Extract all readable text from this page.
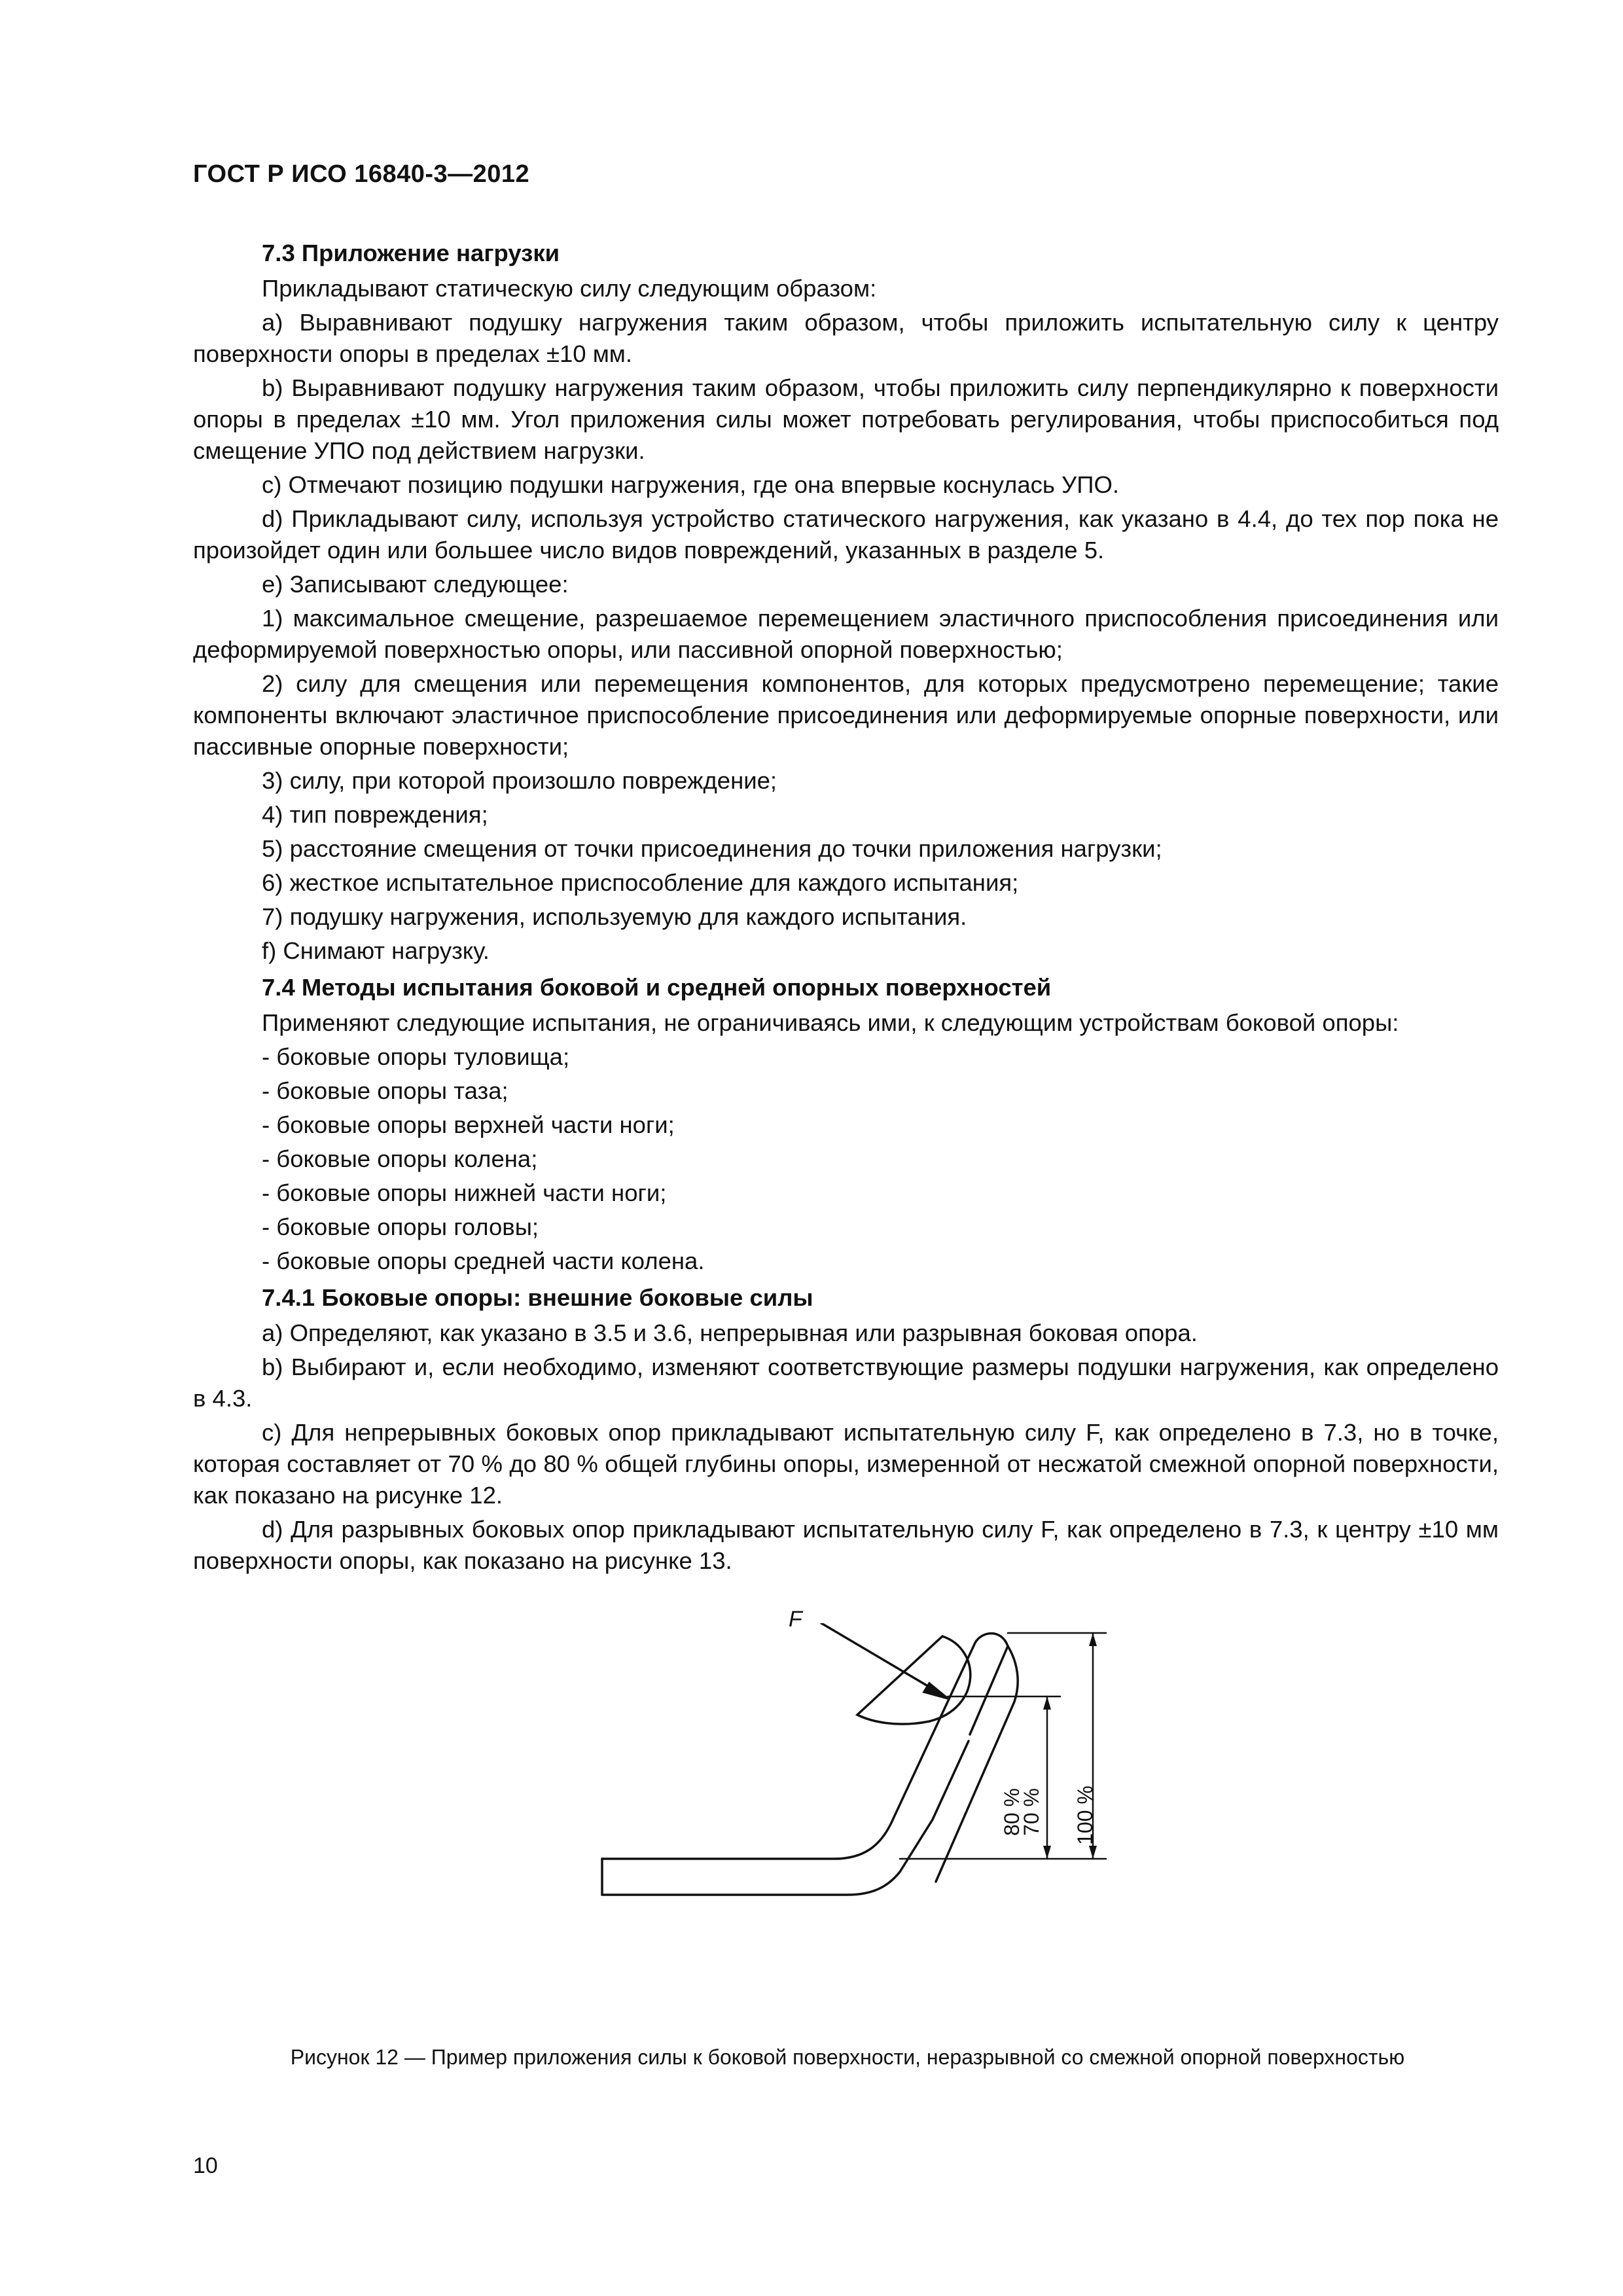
ГОСТ Р ИСО 16840-3—2012

7.3 Приложение нагрузки

Прикладывают статическую силу следующим образом:

a) Выравнивают подушку нагружения таким образом, чтобы приложить испытательную силу к центру поверхности опоры в пределах ±10 мм.

b) Выравнивают подушку нагружения таким образом, чтобы приложить силу перпендикулярно к поверхности опоры в пределах ±10 мм. Угол приложения силы может потребовать регулирования, чтобы приспособиться под смещение УПО под действием нагрузки.

c) Отмечают позицию подушки нагружения, где она впервые коснулась УПО.

d) Прикладывают силу, используя устройство статического нагружения, как указано в 4.4, до тех пор пока не произойдет один или большее число видов повреждений, указанных в разделе 5.

e) Записывают следующее:

1) максимальное смещение, разрешаемое перемещением эластичного приспособления присоединения или деформируемой поверхностью опоры, или пассивной опорной поверхностью;

2) силу для смещения или перемещения компонентов, для которых предусмотрено перемещение; такие компоненты включают эластичное приспособление присоединения или деформируемые опорные поверхности, или пассивные опорные поверхности;

3) силу, при которой произошло повреждение;

4) тип повреждения;

5) расстояние смещения от точки присоединения до точки приложения нагрузки;

6) жесткое испытательное приспособление для каждого испытания;

7) подушку нагружения, используемую для каждого испытания.

f) Снимают нагрузку.

7.4 Методы испытания боковой и средней опорных поверхностей

Применяют следующие испытания, не ограничиваясь ими, к следующим устройствам боковой опоры:

- боковые опоры туловища;

- боковые опоры таза;

- боковые опоры верхней части ноги;

- боковые опоры колена;

- боковые опоры нижней части ноги;

- боковые опоры головы;

- боковые опоры средней части колена.

7.4.1 Боковые опоры: внешние боковые силы

a) Определяют, как указано в 3.5 и 3.6, непрерывная или разрывная боковая опора.

b) Выбирают и, если необходимо, изменяют соответствующие размеры подушки нагружения, как определено в 4.3.

c) Для непрерывных боковых опор прикладывают испытательную силу F, как определено в 7.3, но в точке, которая составляет от 70 % до 80 % общей глубины опоры, измеренной от несжатой смежной опорной поверхности, как показано на рисунке 12.

d) Для разрывных боковых опор прикладывают испытательную силу F, как определено в 7.3, к центру ±10 мм поверхности опоры, как показано на рисунке 13.

F
80 %
70 % 100 %
Рисунок 12 — Пример приложения силы к боковой поверхности, неразрывной со смежной опорной поверхностью
10
